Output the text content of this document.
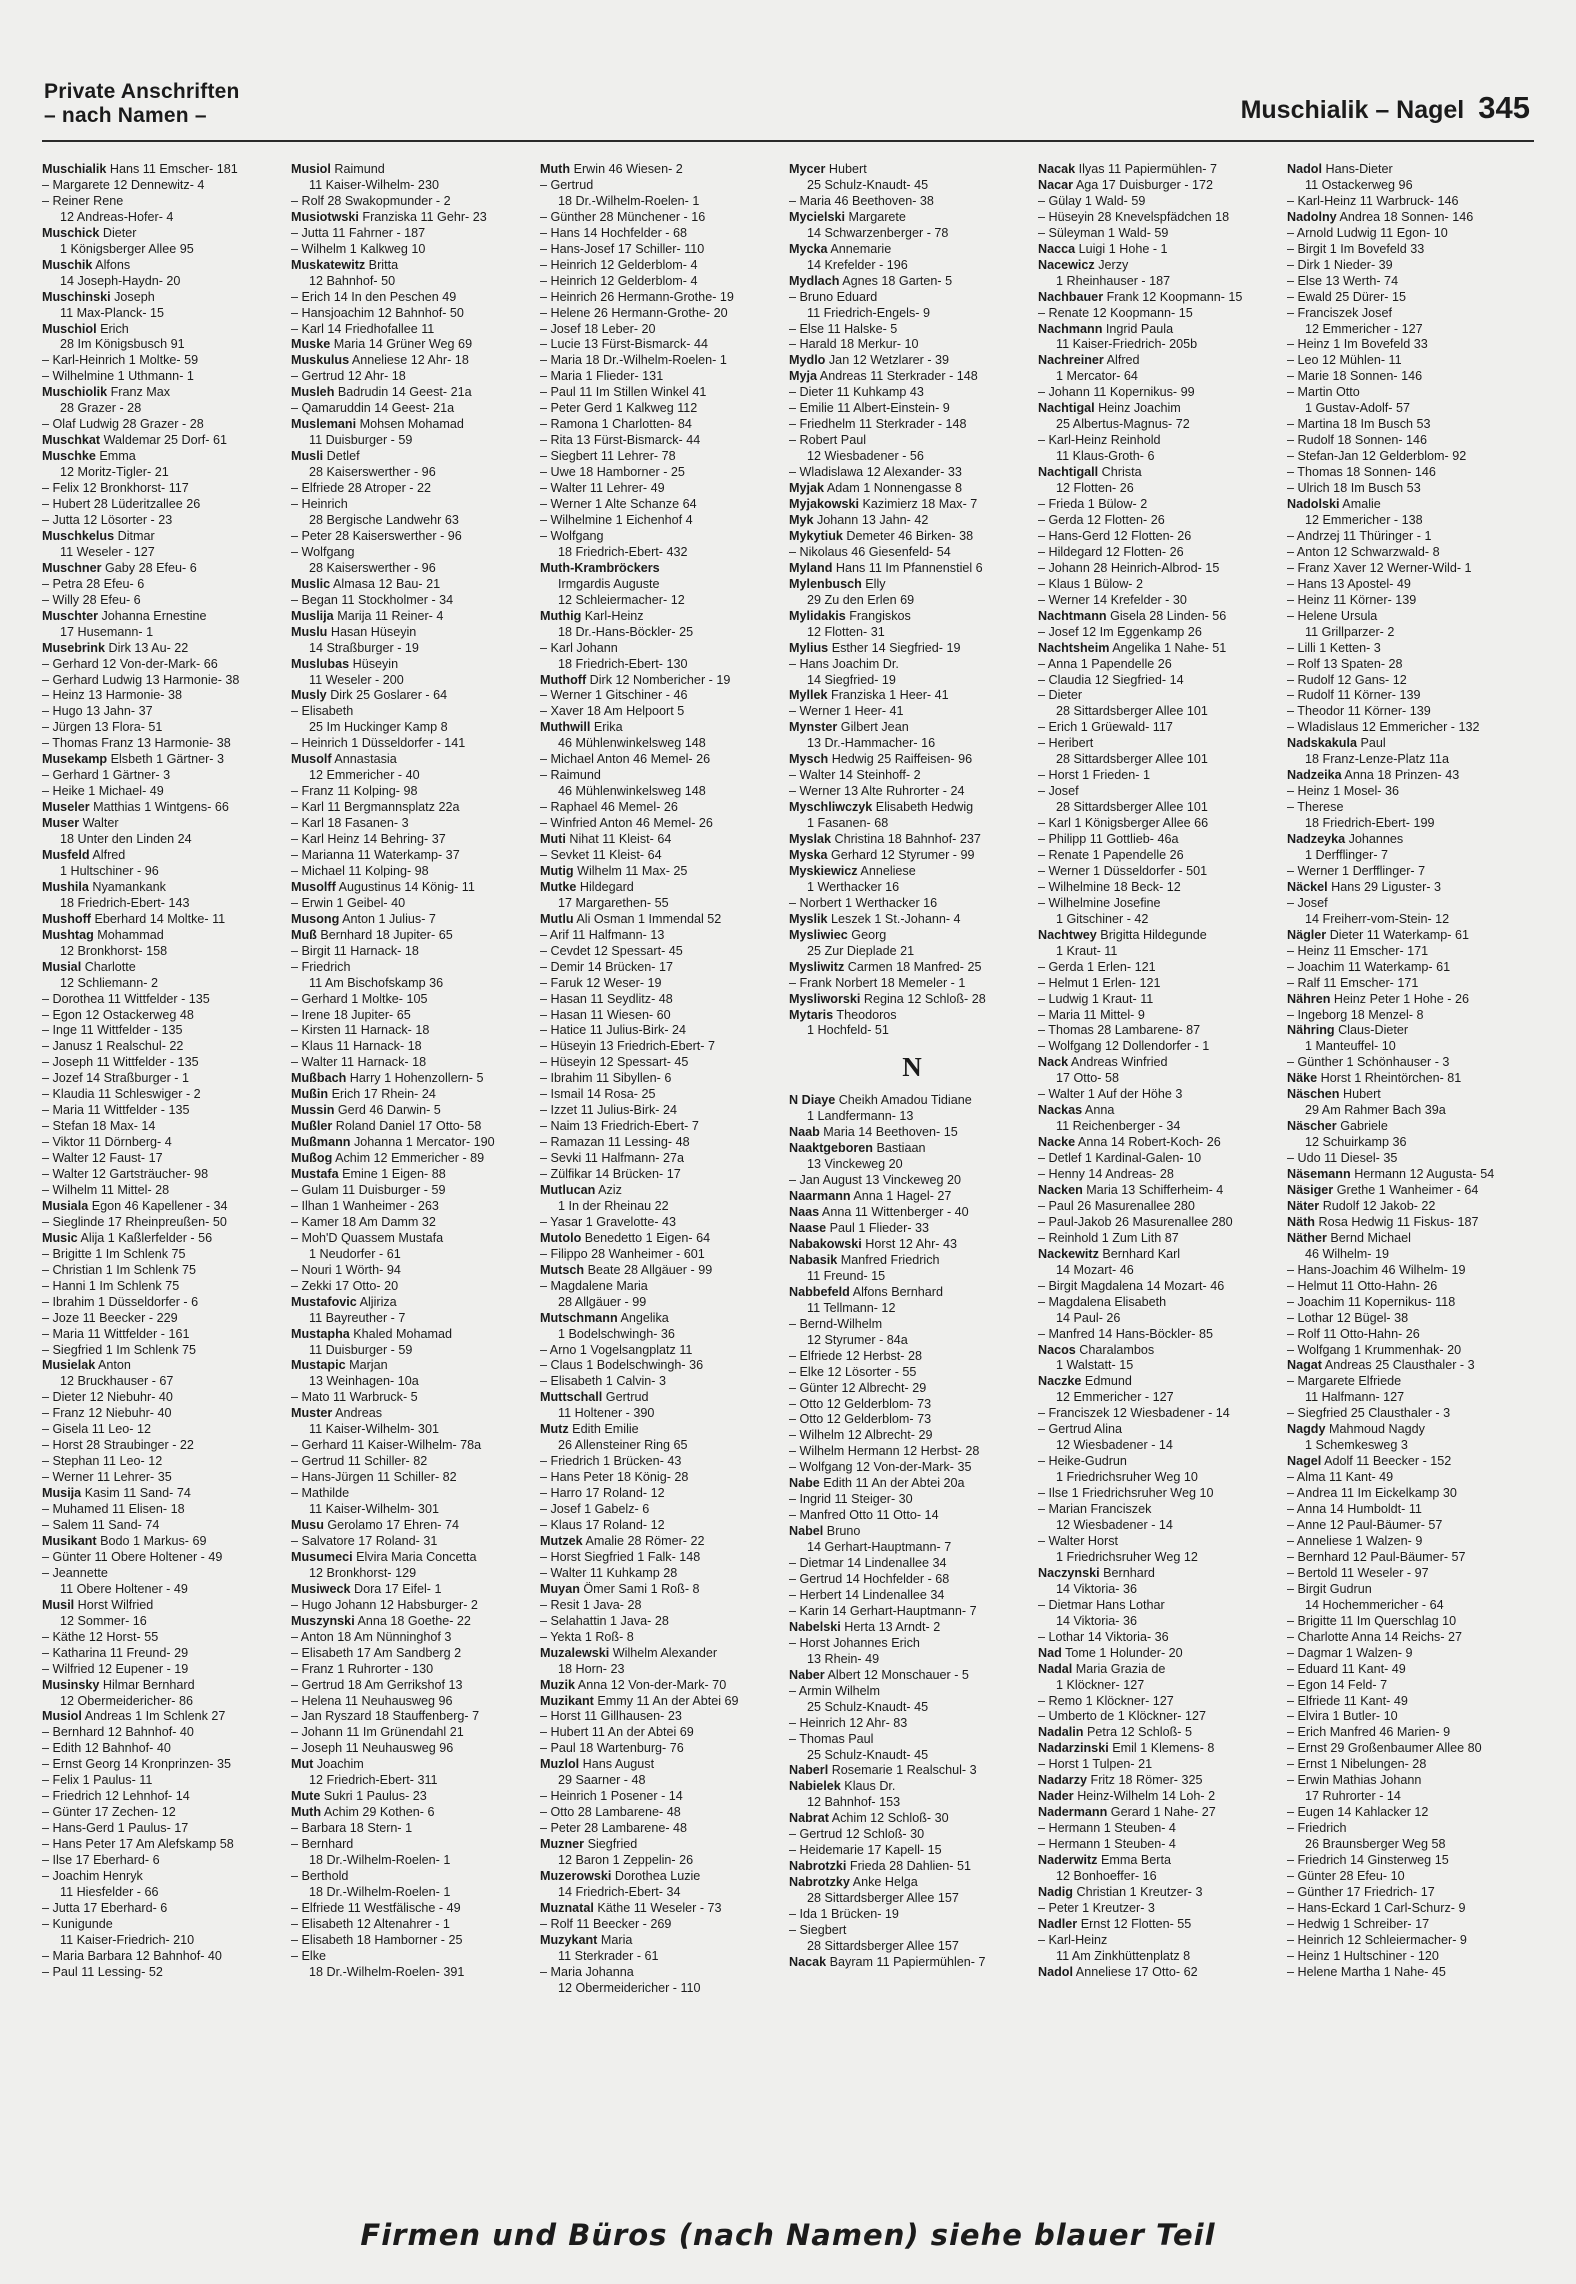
Private Anschriften
– nach Namen –	Muschialik – Nagel 345
Muschialik Hans 11 Emscher- 181
– Margarete 12 Dennewitz- 4
– Reiner Rene
12 Andreas-Hofer- 4
Muschick Dieter
1 Königsberger Allee 95
Muschik Alfons
14 Joseph-Haydn- 20
Muschinski Joseph
11 Max-Planck- 15
Muschiol Erich
28 Im Königsbusch 91
– Karl-Heinrich 1 Moltke- 59
– Wilhelmine 1 Uthmann- 1
Muschiolik Franz Max
28 Grazer - 28
– Olaf Ludwig 28 Grazer - 28
Muschkat Waldemar 25 Dorf- 61
Muschke Emma
12 Moritz-Tigler- 21
– Felix 12 Bronkhorst- 117
– Hubert 28 Lüderitzallee 26
– Jutta 12 Lösorter - 23
Muschkelus Ditmar
11 Weseler - 127
Muschner Gaby 28 Efeu- 6
– Petra 28 Efeu- 6
– Willy 28 Efeu- 6
Muschter Johanna Ernestine
17 Husemann- 1
Musebrink Dirk 13 Au- 22
– Gerhard 12 Von-der-Mark- 66
– Gerhard Ludwig 13 Harmonie- 38
– Heinz 13 Harmonie- 38
– Hugo 13 Jahn- 37
– Jürgen 13 Flora- 51
– Thomas Franz 13 Harmonie- 38
Musekamp Elsbeth 1 Gärtner- 3
– Gerhard 1 Gärtner- 3
– Heike 1 Michael- 49
Museler Matthias 1 Wintgens- 66
Muser Walter
18 Unter den Linden 24
Musfeld Alfred
1 Hultschiner - 96
Mushila Nyamankank
18 Friedrich-Ebert- 143
Mushoff Eberhard 14 Moltke- 11
Mushtag Mohammad
12 Bronkhorst- 158
Musial Charlotte
12 Schliemann- 2
– Dorothea 11 Wittfelder - 135
– Egon 12 Ostackerweg 48
– Inge 11 Wittfelder - 135
– Janusz 1 Realschul- 22
– Joseph 11 Wittfelder - 135
– Jozef 14 Straßburger - 1
– Klaudia 11 Schleswiger - 2
– Maria 11 Wittfelder - 135
– Stefan 18 Max- 14
– Viktor 11 Dörnberg- 4
– Walter 12 Faust- 17
– Walter 12 Gartsträucher- 98
– Wilhelm 11 Mittel- 28
Musiala Egon 46 Kapellener - 34
– Sieglinde 17 Rheinpreußen- 50
Music Alija 1 Kaßlerfelder - 56
– Brigitte 1 Im Schlenk 75
– Christian 1 Im Schlenk 75
– Hanni 1 Im Schlenk 75
– Ibrahim 1 Düsseldorfer - 6
– Joze 11 Beecker - 229
– Maria 11 Wittfelder - 161
– Siegfried 1 Im Schlenk 75
Musielak Anton
12 Bruckhauser - 67
– Dieter 12 Niebuhr- 40
– Franz 12 Niebuhr- 40
– Gisela 11 Leo- 12
– Horst 28 Straubinger - 22
– Stephan 11 Leo- 12
– Werner 11 Lehrer- 35
Musija Kasim 11 Sand- 74
– Muhamed 11 Elisen- 18
– Salem 11 Sand- 74
Musikant Bodo 1 Markus- 69
– Günter 11 Obere Holtener - 49
– Jeannette
11 Obere Holtener - 49
Musil Horst Wilfried
12 Sommer- 16
– Käthe 12 Horst- 55
– Katharina 11 Freund- 29
– Wilfried 12 Eupener - 19
Musinsky Hilmar Bernhard
12 Obermeidericher- 86
Musiol Andreas 1 Im Schlenk 27
– Bernhard 12 Bahnhof- 40
– Edith 12 Bahnhof- 40
– Ernst Georg 14 Kronprinzen- 35
– Felix 1 Paulus- 11
– Friedrich 12 Lehnhof- 14
– Günter 17 Zechen- 12
– Hans-Gerd 1 Paulus- 17
– Hans Peter 17 Am Alefskamp 58
– Ilse 17 Eberhard- 6
– Joachim Henryk
11 Hiesfelder - 66
– Jutta 17 Eberhard- 6
– Kunigunde
11 Kaiser-Friedrich- 210
– Maria Barbara 12 Bahnhof- 40
– Paul 11 Lessing- 52
Musiol Raimund
11 Kaiser-Wilhelm- 230
– Rolf 28 Swakopmunder - 2
Musiotwski Franziska 11 Gehr- 23
– Jutta 11 Fahrner - 187
– Wilhelm 1 Kalkweg 10
Muskatewitz Britta
12 Bahnhof- 50
– Erich 14 In den Peschen 49
– Hansjoachim 12 Bahnhof- 50
– Karl 14 Friedhofallee 11
Muske Maria 14 Grüner Weg 69
Muskulus Anneliese 12 Ahr- 18
– Gertrud 12 Ahr- 18
Musleh Badrudin 14 Geest- 21a
– Qamaruddin 14 Geest- 21a
Muslemani Mohsen Mohamad
11 Duisburger - 59
Musli Detlef
28 Kaiserswerther - 96
– Elfriede 28 Atroper - 22
– Heinrich
28 Bergische Landwehr 63
– Peter 28 Kaiserswerther - 96
– Wolfgang
28 Kaiserswerther - 96
Muslic Almasa 12 Bau- 21
– Began 11 Stockholmer - 34
Muslija Marija 11 Reiner- 4
Muslu Hasan Hüseyin
14 Straßburger - 19
Muslubas Hüseyin
11 Weseler - 200
Musly Dirk 25 Goslarer - 64
– Elisabeth
25 Im Huckinger Kamp 8
– Heinrich 1 Düsseldorfer - 141
Musolf Annastasia
12 Emmericher - 40
– Franz 11 Kolping- 98
– Karl 11 Bergmannsplatz 22a
– Karl 18 Fasanen- 3
– Karl Heinz 14 Behring- 37
– Marianna 11 Waterkamp- 37
– Michael 11 Kolping- 98
Musolff Augustinus 14 König- 11
– Erwin 1 Geibel- 40
Musong Anton 1 Julius- 7
Muß Bernhard 18 Jupiter- 65
– Birgit 11 Harnack- 18
– Friedrich
11 Am Bischofskamp 36
– Gerhard 1 Moltke- 105
– Irene 18 Jupiter- 65
– Kirsten 11 Harnack- 18
– Klaus 11 Harnack- 18
– Walter 11 Harnack- 18
Mußbach Harry 1 Hohenzollern- 5
Mußin Erich 17 Rhein- 24
Mussin Gerd 46 Darwin- 5
Mußler Roland Daniel 17 Otto- 58
Mußmann Johanna 1 Mercator- 190
Mußog Achim 12 Emmericher - 89
Mustafa Emine 1 Eigen- 88
– Gulam 11 Duisburger - 59
– Ilhan 1 Wanheimer - 263
– Kamer 18 Am Damm 32
– Moh'D Quassem Mustafa
1 Neudorfer - 61
– Nouri 1 Wörth- 94
– Zekki 17 Otto- 20
Mustafovic Aljiriza
11 Bayreuther - 7
Mustapha Khaled Mohamad
11 Duisburger - 59
Mustapic Marjan
13 Weinhagen- 10a
– Mato 11 Warbruck- 5
Muster Andreas
11 Kaiser-Wilhelm- 301
– Gerhard 11 Kaiser-Wilhelm- 78a
– Gertrud 11 Schiller- 82
– Hans-Jürgen 11 Schiller- 82
– Mathilde
11 Kaiser-Wilhelm- 301
Musu Gerolamo 17 Ehren- 74
– Salvatore 17 Roland- 31
Musumeci Elvira Maria Concetta
12 Bronkhorst- 129
Musiweck Dora 17 Eifel- 1
– Hugo Johann 12 Habsburger- 2
Muszynski Anna 18 Goethe- 22
– Anton 18 Am Nünninghof 3
– Elisabeth 17 Am Sandberg 2
– Franz 1 Ruhrorter - 130
– Gertrud 18 Am Gerrikshof 13
– Helena 11 Neuhausweg 96
– Jan Ryszard 18 Stauffenberg- 7
– Johann 11 Im Grünendahl 21
– Joseph 11 Neuhausweg 96
Mut Joachim
12 Friedrich-Ebert- 311
Mute Sukri 1 Paulus- 23
Muth Achim 29 Kothen- 6
– Barbara 18 Stern- 1
– Bernhard
18 Dr.-Wilhelm-Roelen- 1
– Berthold
18 Dr.-Wilhelm-Roelen- 1
– Elfriede 11 Westfälische - 49
– Elisabeth 12 Altenahrer - 1
– Elisabeth 18 Hamborner - 25
– Elke
18 Dr.-Wilhelm-Roelen- 391
Muth Erwin 46 Wiesen- 2
– Gertrud
18 Dr.-Wilhelm-Roelen- 1
– Günther 28 Münchener - 16
– Hans 14 Hochfelder - 68
– Hans-Josef 17 Schiller- 110
– Heinrich 12 Gelderblom- 4
– Heinrich 12 Gelderblom- 4
– Heinrich 26 Hermann-Grothe- 19
– Helene 26 Hermann-Grothe- 20
– Josef 18 Leber- 20
– Lucie 13 Fürst-Bismarck- 44
– Maria 18 Dr.-Wilhelm-Roelen- 1
– Maria 1 Flieder- 131
– Paul 11 Im Stillen Winkel 41
– Peter Gerd 1 Kalkweg 112
– Ramona 1 Charlotten- 84
– Rita 13 Fürst-Bismarck- 44
– Siegbert 11 Lehrer- 78
– Uwe 18 Hamborner - 25
– Walter 11 Lehrer- 49
– Werner 1 Alte Schanze 64
– Wilhelmine 1 Eichenhof 4
– Wolfgang
18 Friedrich-Ebert- 432
Muth-Krambröckers
Irmgardis Auguste
12 Schleiermacher- 12
Muthig Karl-Heinz
18 Dr.-Hans-Böckler- 25
– Karl Johann
18 Friedrich-Ebert- 130
Muthoff Dirk 12 Nombericher - 19
– Werner 1 Gitschiner - 46
– Xaver 18 Am Helpoort 5
Muthwill Erika
46 Mühlenwinkelsweg 148
– Michael Anton 46 Memel- 26
– Raimund
46 Mühlenwinkelsweg 148
– Raphael 46 Memel- 26
– Winfried Anton 46 Memel- 26
Muti Nihat 11 Kleist- 64
– Sevket 11 Kleist- 64
Mutig Wilhelm 11 Max- 25
Mutke Hildegard
17 Margarethen- 55
Mutlu Ali Osman 1 Immendal 52
– Arif 11 Halfmann- 13
– Cevdet 12 Spessart- 45
– Demir 14 Brücken- 17
– Faruk 12 Weser- 19
– Hasan 11 Seydlitz- 48
– Hasan 11 Wiesen- 60
– Hatice 11 Julius-Birk- 24
– Hüseyin 13 Friedrich-Ebert- 7
– Hüseyin 12 Spessart- 45
– Ibrahim 11 Sibyllen- 6
– Ismail 14 Rosa- 25
– Izzet 11 Julius-Birk- 24
– Naim 13 Friedrich-Ebert- 7
– Ramazan 11 Lessing- 48
– Sevki 11 Halfmann- 27a
– Zülfikar 14 Brücken- 17
Mutlucan Aziz
1 In der Rheinau 22
– Yasar 1 Gravelotte- 43
Mutolo Benedetto 1 Eigen- 64
– Filippo 28 Wanheimer - 601
Mutsch Beate 28 Allgäuer - 99
– Magdalene Maria
28 Allgäuer - 99
Mutschmann Angelika
1 Bodelschwingh- 36
– Arno 1 Vogelsangplatz 11
– Claus 1 Bodelschwingh- 36
– Elisabeth 1 Calvin- 3
Muttschall Gertrud
11 Holtener - 390
Mutz Edith Emilie
26 Allensteiner Ring 65
– Friedrich 1 Brücken- 43
– Hans Peter 18 König- 28
– Harro 17 Roland- 12
– Josef 1 Gabelz- 6
– Klaus 17 Roland- 12
Mutzek Amalie 28 Römer- 22
– Horst Siegfried 1 Falk- 148
– Walter 11 Kuhkamp 28
Muyan Ömer Sami 1 Roß- 8
– Resit 1 Java- 28
– Selahattin 1 Java- 28
– Yekta 1 Roß- 8
Muzalewski Wilhelm Alexander
18 Horn- 23
Muzik Anna 12 Von-der-Mark- 70
Muzikant Emmy 11 An der Abtei 69
– Horst 11 Gillhausen- 23
– Hubert 11 An der Abtei 69
– Paul 18 Wartenburg- 76
Muzlol Hans August
29 Saarner - 48
– Heinrich 1 Posener - 14
– Otto 28 Lambarene- 48
– Peter 28 Lambarene- 48
Muzner Siegfried
12 Baron 1 Zeppelin- 26
Muzerowski Dorothea Luzie
14 Friedrich-Ebert- 34
Muznatal Käthe 11 Weseler - 73
– Rolf 11 Beecker - 269
Muzykant Maria
11 Sterkrader - 61
– Maria Johanna
12 Obermeidericher - 110
Mycer Hubert
25 Schulz-Knaudt- 45
– Maria 46 Beethoven- 38
Mycielski Margarete
14 Schwarzenberger - 78
Mycka Annemarie
14 Krefelder - 196
Mydlach Agnes 18 Garten- 5
– Bruno Eduard
11 Friedrich-Engels- 9
– Else 11 Halske- 5
– Harald 18 Merkur- 10
Mydlo Jan 12 Wetzlarer - 39
Myja Andreas 11 Sterkrader - 148
– Dieter 11 Kuhkamp 43
– Emilie 11 Albert-Einstein- 9
– Friedhelm 11 Sterkrader - 148
– Robert Paul
12 Wiesbadener - 56
– Wladislawa 12 Alexander- 33
Myjak Adam 1 Nonnengasse 8
Myjakowski Kazimierz 18 Max- 7
Myk Johann 13 Jahn- 42
Mykytiuk Demeter 46 Birken- 38
– Nikolaus 46 Giesenfeld- 54
Myland Hans 11 Im Pfannenstiel 6
Mylenbusch Elly
29 Zu den Erlen 69
Mylidakis Frangiskos
12 Flotten- 31
Mylius Esther 14 Siegfried- 19
– Hans Joachim Dr.
14 Siegfried- 19
Myllek Franziska 1 Heer- 41
– Werner 1 Heer- 41
Mynster Gilbert Jean
13 Dr.-Hammacher- 16
Mysch Hedwig 25 Raiffeisen- 96
– Walter 14 Steinhoff- 2
– Werner 13 Alte Ruhrorter - 24
Myschliwczyk Elisabeth Hedwig
1 Fasanen- 68
Myslak Christina 18 Bahnhof- 237
Myska Gerhard 12 Styrumer - 99
Myskiewicz Anneliese
1 Werthacker 16
– Norbert 1 Werthacker 16
Myslik Leszek 1 St.-Johann- 4
Mysliwiec Georg
25 Zur Dieplade 21
Mysliwitz Carmen 18 Manfred- 25
– Frank Norbert 18 Memeler - 1
Mysliworski Regina 12 Schloß- 28
Mytaris Theodoros
1 Hochfeld- 51
N
N Diaye Cheikh Amadou Tidiane
1 Landfermann- 13
Naab Maria 14 Beethoven- 15
Naaktgeboren Bastiaan
13 Vinckeweg 20
– Jan August 13 Vinckeweg 20
Naarmann Anna 1 Hagel- 27
Naas Anna 11 Wittenberger - 40
Naase Paul 1 Flieder- 33
Nabakowski Horst 12 Ahr- 43
Nabasik Manfred Friedrich
11 Freund- 15
Nabbefeld Alfons Bernhard
11 Tellmann- 12
– Bernd-Wilhelm
12 Styrumer - 84a
– Elfriede 12 Herbst- 28
– Elke 12 Lösorter - 55
– Günter 12 Albrecht- 29
– Otto 12 Gelderblom- 73
– Otto 12 Gelderblom- 73
– Wilhelm 12 Albrecht- 29
– Wilhelm Hermann 12 Herbst- 28
– Wolfgang 12 Von-der-Mark- 35
Nabe Edith 11 An der Abtei 20a
– Ingrid 11 Steiger- 30
– Manfred Otto 11 Otto- 14
Nabel Bruno
14 Gerhart-Hauptmann- 7
– Dietmar 14 Lindenallee 34
– Gertrud 14 Hochfelder - 68
– Herbert 14 Lindenallee 34
– Karin 14 Gerhart-Hauptmann- 7
Nabelski Herta 13 Arndt- 2
– Horst Johannes Erich
13 Rhein- 49
Naber Albert 12 Monschauer - 5
– Armin Wilhelm
25 Schulz-Knaudt- 45
– Heinrich 12 Ahr- 83
– Thomas Paul
25 Schulz-Knaudt- 45
Naberl Rosemarie 1 Realschul- 3
Nabielek Klaus Dr.
12 Bahnhof- 153
Nabrat Achim 12 Schloß- 30
– Gertrud 12 Schloß- 30
– Heidemarie 17 Kapell- 15
Nabrotzki Frieda 28 Dahlien- 51
Nabrotzky Anke Helga
28 Sittardsberger Allee 157
– Ida 1 Brücken- 19
– Siegbert
28 Sittardsberger Allee 157
Nacak Bayram 11 Papiermühlen- 7
Nacak Ilyas 11 Papiermühlen- 7
Nacar Aga 17 Duisburger - 172
– Gülay 1 Wald- 59
– Hüseyin 28 Knevelspfädchen 18
– Süleyman 1 Wald- 59
Nacca Luigi 1 Hohe - 1
Nacewicz Jerzy
1 Rheinhauser - 187
Nachbauer Frank 12 Koopmann- 15
– Renate 12 Koopmann- 15
Nachmann Ingrid Paula
11 Kaiser-Friedrich- 205b
Nachreiner Alfred
1 Mercator- 64
– Johann 11 Kopernikus- 99
Nachtigal Heinz Joachim
25 Albertus-Magnus- 72
– Karl-Heinz Reinhold
11 Klaus-Groth- 6
Nachtigall Christa
12 Flotten- 26
– Frieda 1 Bülow- 2
– Gerda 12 Flotten- 26
– Hans-Gerd 12 Flotten- 26
– Hildegard 12 Flotten- 26
– Johann 28 Heinrich-Albrod- 15
– Klaus 1 Bülow- 2
– Werner 14 Krefelder - 30
Nachtmann Gisela 28 Linden- 56
– Josef 12 Im Eggenkamp 26
Nachtsheim Angelika 1 Nahe- 51
– Anna 1 Papendelle 26
– Claudia 12 Siegfried- 14
– Dieter
28 Sittardsberger Allee 101
– Erich 1 Grüewald- 117
– Heribert
28 Sittardsberger Allee 101
– Horst 1 Frieden- 1
– Josef
28 Sittardsberger Allee 101
– Karl 1 Königsberger Allee 66
– Philipp 11 Gottlieb- 46a
– Renate 1 Papendelle 26
– Werner 1 Düsseldorfer - 501
– Wilhelmine 18 Beck- 12
– Wilhelmine Josefine
1 Gitschiner - 42
Nachtwey Brigitta Hildegunde
1 Kraut- 11
– Gerda 1 Erlen- 121
– Helmut 1 Erlen- 121
– Ludwig 1 Kraut- 11
– Maria 11 Mittel- 9
– Thomas 28 Lambarene- 87
– Wolfgang 12 Dollendorfer - 1
Nack Andreas Winfried
17 Otto- 58
– Walter 1 Auf der Höhe 3
Nackas Anna
11 Reichenberger - 34
Nacke Anna 14 Robert-Koch- 26
– Detlef 1 Kardinal-Galen- 10
– Henny 14 Andreas- 28
Nacken Maria 13 Schifferheim- 4
– Paul 26 Masurenallee 280
– Paul-Jakob 26 Masurenallee 280
– Reinhold 1 Zum Lith 87
Nackewitz Bernhard Karl
14 Mozart- 46
– Birgit Magdalena 14 Mozart- 46
– Magdalena Elisabeth
14 Paul- 26
– Manfred 14 Hans-Böckler- 85
Nacos Charalambos
1 Walstatt- 15
Naczke Edmund
12 Emmericher - 127
– Franciszek 12 Wiesbadener - 14
– Gertrud Alina
12 Wiesbadener - 14
– Heike-Gudrun
1 Friedrichsruher Weg 10
– Ilse 1 Friedrichsruher Weg 10
– Marian Franciszek
12 Wiesbadener - 14
– Walter Horst
1 Friedrichsruher Weg 12
Naczynski Bernhard
14 Viktoria- 36
– Dietmar Hans Lothar
14 Viktoria- 36
– Lothar 14 Viktoria- 36
Nad Tome 1 Holunder- 20
Nadal Maria Grazia de
1 Klöckner- 127
– Remo 1 Klöckner- 127
– Umberto de 1 Klöckner- 127
Nadalin Petra 12 Schloß- 5
Nadarzinski Emil 1 Klemens- 8
– Horst 1 Tulpen- 21
Nadarzy Fritz 18 Römer- 325
Nader Heinz-Wilhelm 14 Loh- 2
Nadermann Gerard 1 Nahe- 27
– Hermann 1 Steuben- 4
– Hermann 1 Steuben- 4
Naderwitz Emma Berta
12 Bonhoeffer- 16
Nadig Christian 1 Kreutzer- 3
– Peter 1 Kreutzer- 3
Nadler Ernst 12 Flotten- 55
– Karl-Heinz
11 Am Zinkhüttenplatz 8
Nadol Anneliese 17 Otto- 62
Nadol Hans-Dieter
11 Ostackerweg 96
– Karl-Heinz 11 Warbruck- 146
Nadolny Andrea 18 Sonnen- 146
– Arnold Ludwig 11 Egon- 10
– Birgit 1 Im Bovefeld 33
– Dirk 1 Nieder- 39
– Else 13 Werth- 74
– Ewald 25 Dürer- 15
– Franciszek Josef
12 Emmericher - 127
– Heinz 1 Im Bovefeld 33
– Leo 12 Mühlen- 11
– Marie 18 Sonnen- 146
– Martin Otto
1 Gustav-Adolf- 57
– Martina 18 Im Busch 53
– Rudolf 18 Sonnen- 146
– Stefan-Jan 12 Gelderblom- 92
– Thomas 18 Sonnen- 146
– Ulrich 18 Im Busch 53
Nadolski Amalie
12 Emmericher - 138
– Andrzej 11 Thüringer - 1
– Anton 12 Schwarzwald- 8
– Franz Xaver 12 Werner-Wild- 1
– Hans 13 Apostel- 49
– Heinz 11 Körner- 139
– Helene Ursula
11 Grillparzer- 2
– Lilli 1 Ketten- 3
– Rolf 13 Spaten- 28
– Rudolf 12 Gans- 12
– Rudolf 11 Körner- 139
– Theodor 11 Körner- 139
– Wladislaus 12 Emmericher - 132
Nadskakula Paul
18 Franz-Lenze-Platz 11a
Nadzeika Anna 18 Prinzen- 43
– Heinz 1 Mosel- 36
– Therese
18 Friedrich-Ebert- 199
Nadzeyka Johannes
1 Derfflinger- 7
– Werner 1 Derfflinger- 7
Näckel Hans 29 Liguster- 3
– Josef
14 Freiherr-vom-Stein- 12
Nägler Dieter 11 Waterkamp- 61
– Heinz 11 Emscher- 171
– Joachim 11 Waterkamp- 61
– Ralf 11 Emscher- 171
Nähren Heinz Peter 1 Hohe - 26
– Ingeborg 18 Menzel- 8
Nähring Claus-Dieter
1 Manteuffel- 10
– Günther 1 Schönhauser - 3
Näke Horst 1 Rheintörchen- 81
Näschen Hubert
29 Am Rahmer Bach 39a
Näscher Gabriele
12 Schuirkamp 36
– Udo 11 Diesel- 35
Näsemann Hermann 12 Augusta- 54
Näsiger Grethe 1 Wanheimer - 64
Näter Rudolf 12 Jakob- 22
Näth Rosa Hedwig 11 Fiskus- 187
Näther Bernd Michael
46 Wilhelm- 19
– Hans-Joachim 46 Wilhelm- 19
– Helmut 11 Otto-Hahn- 26
– Joachim 11 Kopernikus- 118
– Lothar 12 Bügel- 38
– Rolf 11 Otto-Hahn- 26
– Wolfgang 1 Krummenhak- 20
Nagat Andreas 25 Clausthaler - 3
– Margarete Elfriede
11 Halfmann- 127
– Siegfried 25 Clausthaler - 3
Nagdy Mahmoud Nagdy
1 Schemkesweg 3
Nagel Adolf 11 Beecker - 152
– Alma 11 Kant- 49
– Andrea 11 Im Eickelkamp 30
– Anna 14 Humboldt- 11
– Anne 12 Paul-Bäumer- 57
– Anneliese 1 Walzen- 9
– Bernhard 12 Paul-Bäumer- 57
– Bertold 11 Weseler - 97
– Birgit Gudrun
14 Hochemmericher - 64
– Brigitte 11 Im Querschlag 10
– Charlotte Anna 14 Reichs- 27
– Dagmar 1 Walzen- 9
– Eduard 11 Kant- 49
– Egon 14 Feld- 7
– Elfriede 11 Kant- 49
– Elvira 1 Butler- 10
– Erich Manfred 46 Marien- 9
– Ernst 29 Großenbaumer Allee 80
– Ernst 1 Nibelungen- 28
– Erwin Mathias Johann
17 Ruhrorter - 14
– Eugen 14 Kahlacker 12
– Friedrich
26 Braunsberger Weg 58
– Friedrich 14 Ginsterweg 15
– Günter 28 Efeu- 10
– Günther 17 Friedrich- 17
– Hans-Eckard 1 Carl-Schurz- 9
– Hedwig 1 Schreiber- 17
– Heinrich 12 Schleiermacher- 9
– Heinz 1 Hultschiner - 120
– Helene Martha 1 Nahe- 45
Firmen und Büros (nach Namen) siehe blauer Teil
